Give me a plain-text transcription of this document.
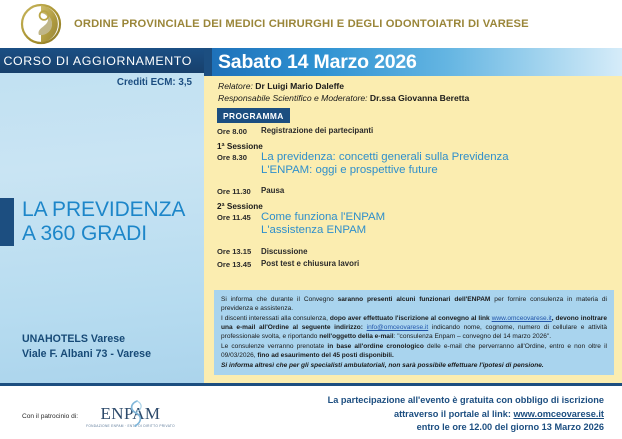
ORDINE PROVINCIALE DEI MEDICI CHIRURGHI E DEGLI ODONTOIATRI DI VARESE
CORSO DI AGGIORNAMENTO
Crediti ECM: 3,5
LA PREVIDENZA
A 360 GRADI
UNAHOTELS Varese
Viale F. Albani 73 - Varese
Sabato 14 Marzo 2026
Relatore: Dr Luigi Mario Daleffe
Responsabile Scientifico e Moderatore: Dr.ssa Giovanna Beretta
PROGRAMMA
Ore 8.00	Registrazione dei partecipanti
1ª Sessione
Ore 8.30	La previdenza: concetti generali sulla Previdenza
L'ENPAM: oggi e prospettive future
Ore 11.30	Pausa
2ª Sessione
Ore 11.45 Come funziona l'ENPAM
L'assistenza ENPAM
Ore 13.15	Discussione
Ore 13.45	Post test e chiusura lavori

Si informa che durante il Convegno saranno presenti alcuni funzionari dell'ENPAM per fornire consulenza in materia di previdenza e assistenza.

I discenti interessati alla consulenza, dopo aver effettuato l'iscrizione al convegno al link www.omceovarese.it, devono inoltrare una e-mail all'Ordine al seguente indirizzo: info@omceovarese.it indicando nome, cognome, numero di cellulare e attività professionale svolta, e riportando nell'oggetto della e-mail: "consulenza Enpam – convegno del 14 marzo 2026".

Le consulenze verranno prenotate in base all'ordine cronologico delle e-mail che perverranno all'Ordine, entro e non oltre il 09/03/2026, fino ad esaurimento del 45 posti disponibili.

Si informa altresì che per gli specialisti ambulatoriali, non sarà possibile effettuare l'ipotesi di pensione.

Con il patrocinio di: ENPAM
FONDAZIONE ENPAM · ENTE DI DIRITTO PRIVATO
La partecipazione all'evento è gratuita con obbligo di iscrizione
attraverso il portale al link: www.omceovarese.it
entro le ore 12.00 del giorno 13 Marzo 2026
